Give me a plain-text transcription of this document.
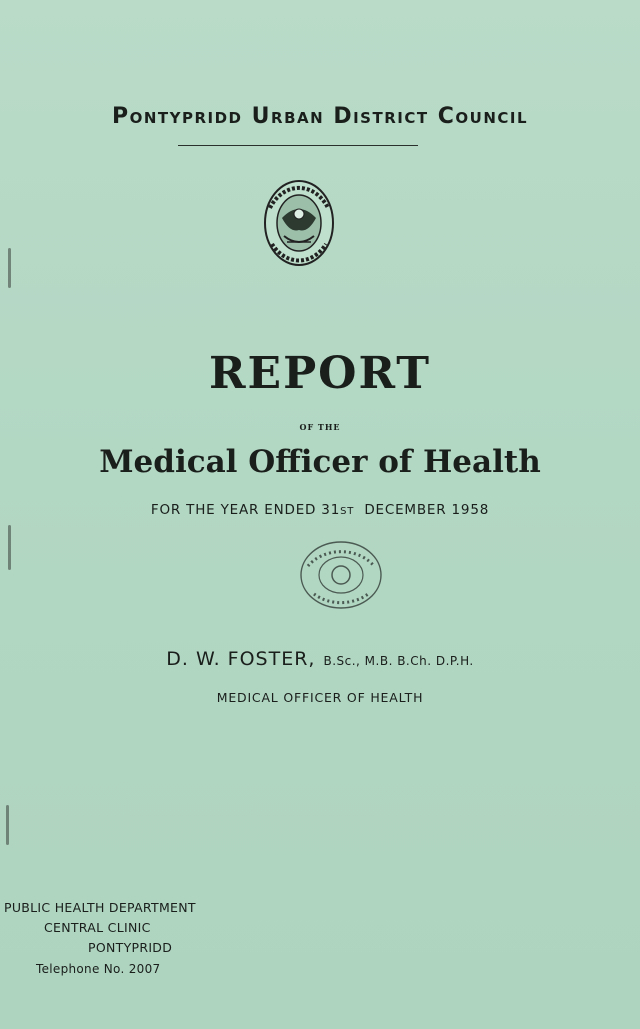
Pontypridd Urban District Council
REPORT
OF THE
Medical Officer of Health
FOR THE YEAR ENDED 31ST DECEMBER 1958
D. W. FOSTER, B.Sc., M.B. B.Ch. D.P.H.
MEDICAL OFFICER OF HEALTH
PUBLIC HEALTH DEPARTMENT
CENTRAL CLINIC
PONTYPRIDD
Telephone No. 2007
